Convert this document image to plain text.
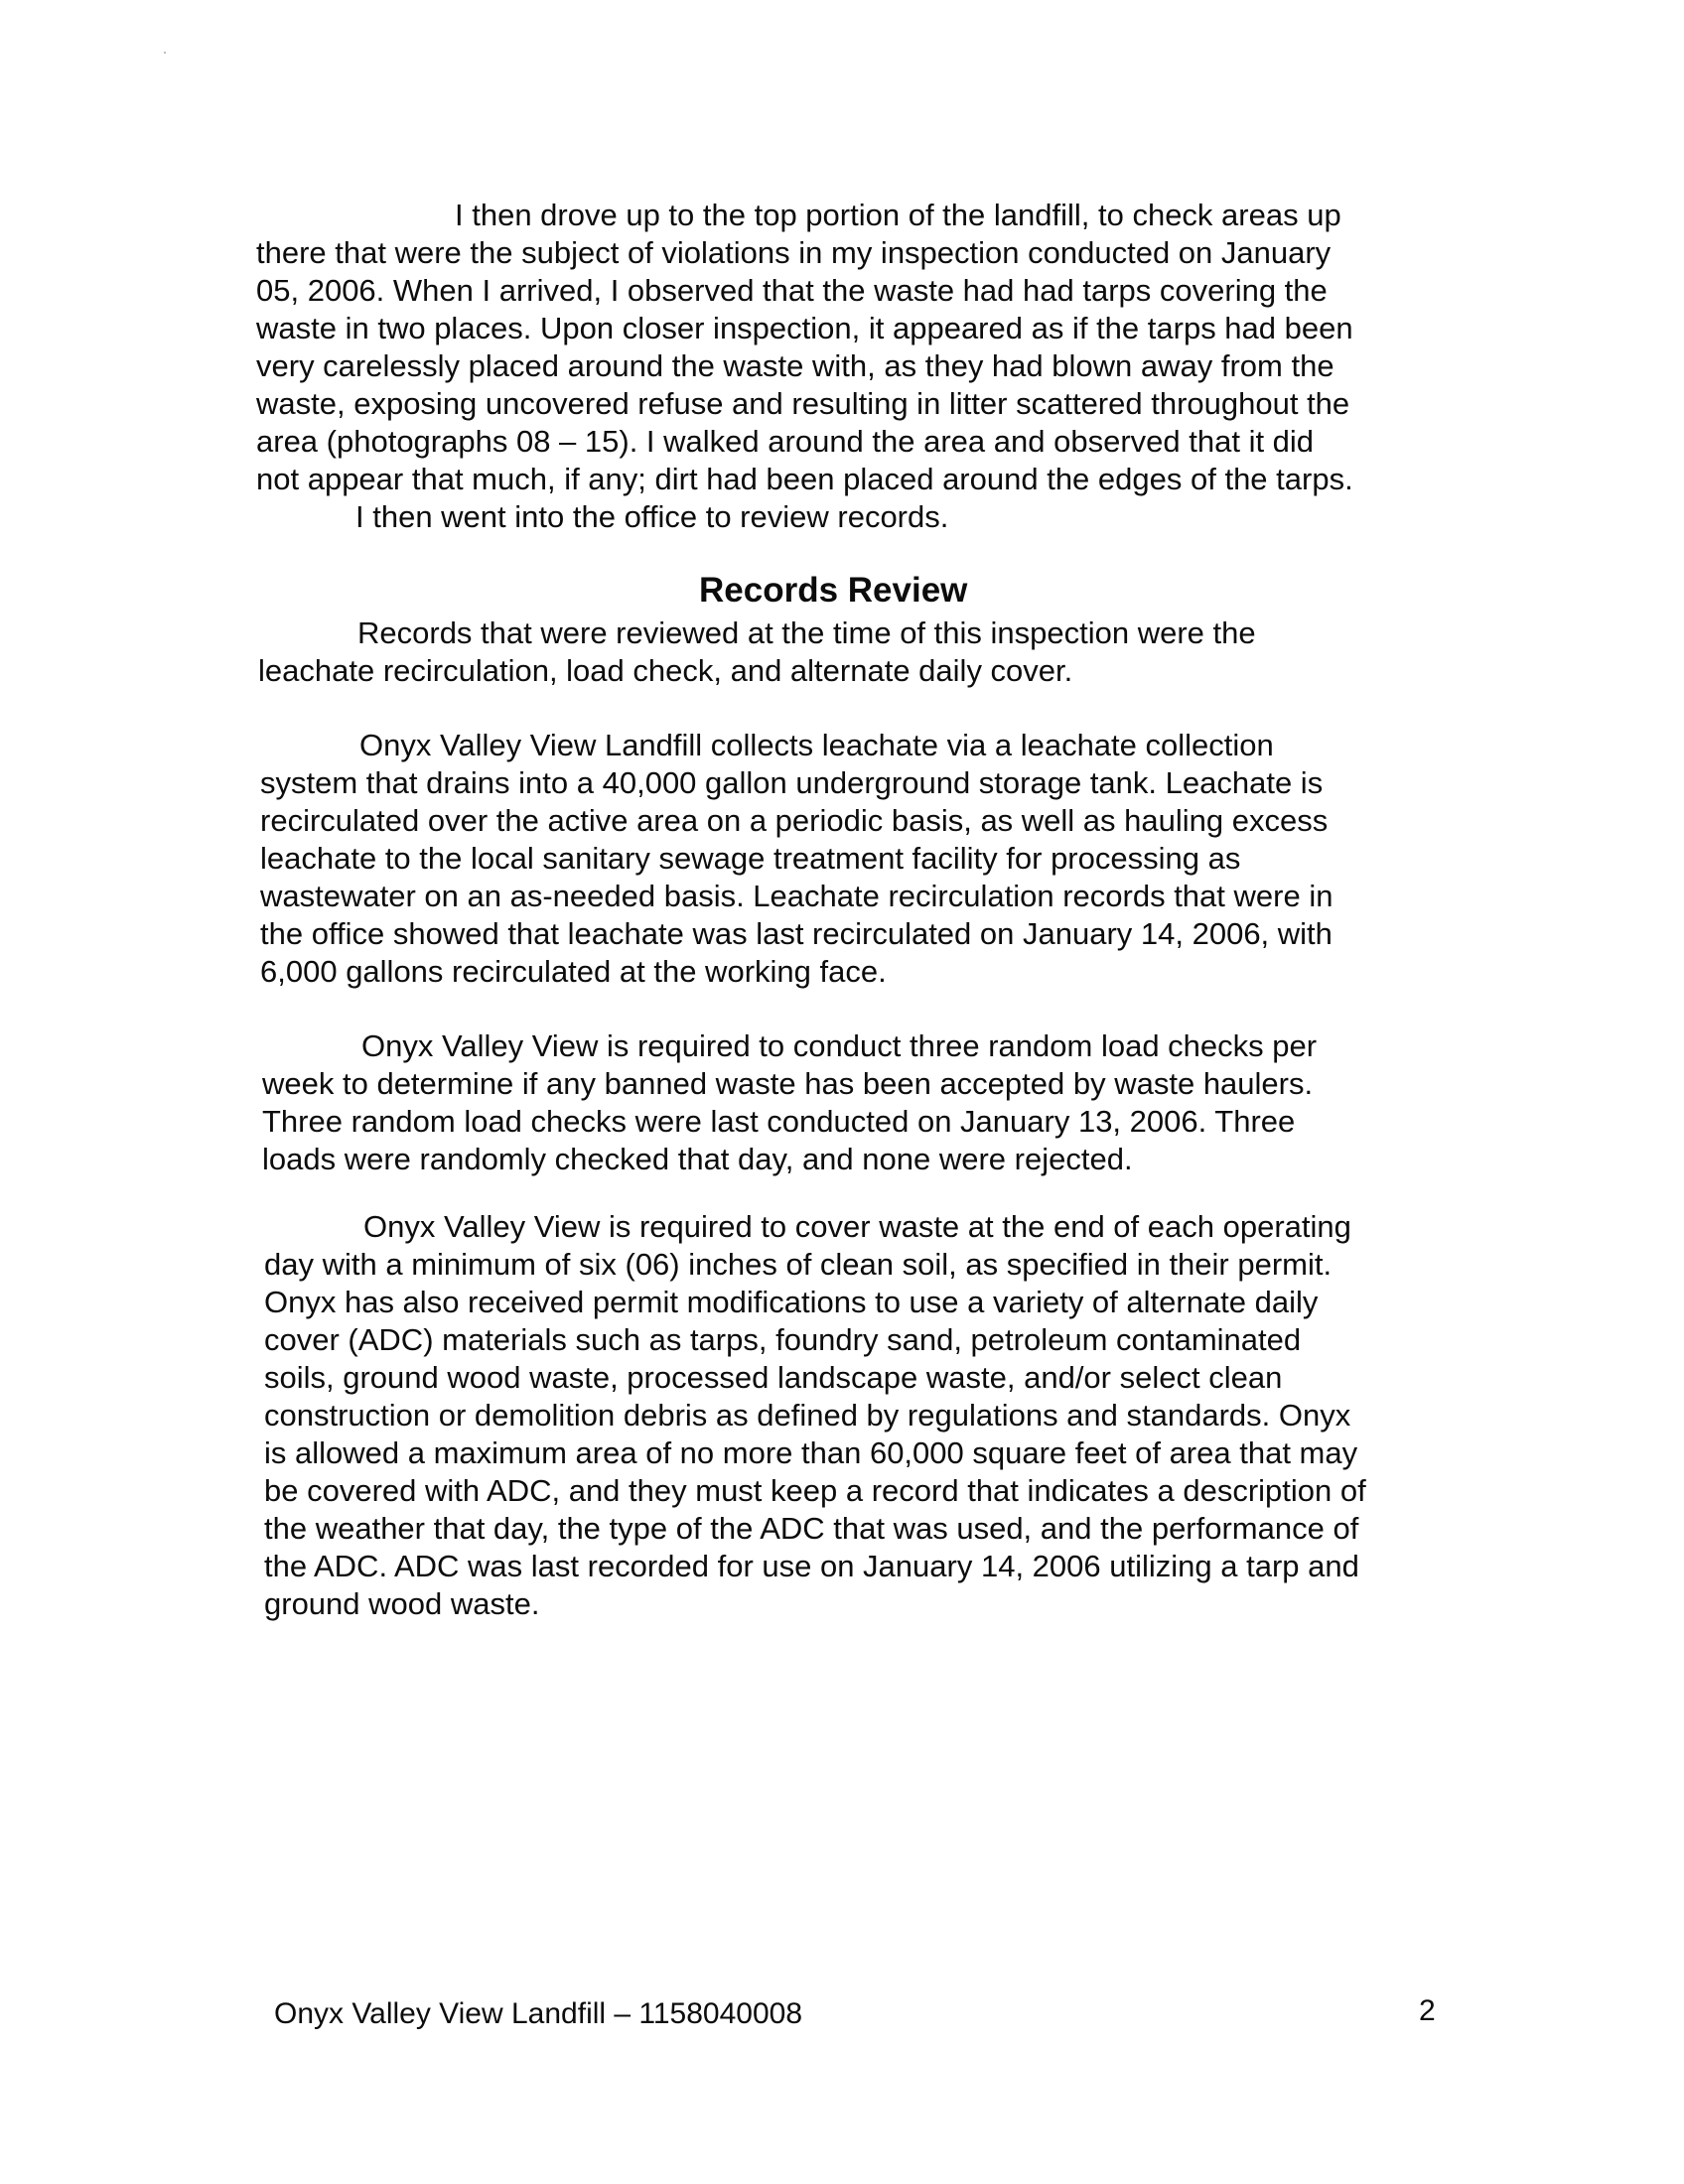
I then drove up to the top portion of the landfill, to check areas up
there that were the subject of violations in my inspection conducted on January
05, 2006. When I arrived, I observed that the waste had had tarps covering the
waste in two places. Upon closer inspection, it appeared as if the tarps had been
very carelessly placed around the waste with, as they had blown away from the
waste, exposing uncovered refuse and resulting in litter scattered throughout the
area (photographs 08 – 15). I walked around the area and observed that it did
not appear that much, if any; dirt had been placed around the edges of the tarps.
I then went into the office to review records.
Records Review
Records that were reviewed at the time of this inspection were the
leachate recirculation, load check, and alternate daily cover.
Onyx Valley View Landfill collects leachate via a leachate collection
system that drains into a 40,000 gallon underground storage tank. Leachate is
recirculated over the active area on a periodic basis, as well as hauling excess
leachate to the local sanitary sewage treatment facility for processing as
wastewater on an as-needed basis. Leachate recirculation records that were in
the office showed that leachate was last recirculated on January 14, 2006, with
6,000 gallons recirculated at the working face.
Onyx Valley View is required to conduct three random load checks per
week to determine if any banned waste has been accepted by waste haulers.
Three random load checks were last conducted on January 13, 2006. Three
loads were randomly checked that day, and none were rejected.
Onyx Valley View is required to cover waste at the end of each operating
day with a minimum of six (06) inches of clean soil, as specified in their permit.
Onyx has also received permit modifications to use a variety of alternate daily
cover (ADC) materials such as tarps, foundry sand, petroleum contaminated
soils, ground wood waste, processed landscape waste, and/or select clean
construction or demolition debris as defined by regulations and standards. Onyx
is allowed a maximum area of no more than 60,000 square feet of area that may
be covered with ADC, and they must keep a record that indicates a description of
the weather that day, the type of the ADC that was used, and the performance of
the ADC. ADC was last recorded for use on January 14, 2006 utilizing a tarp and
ground wood waste.
Onyx Valley View Landfill – 1158040008	2
